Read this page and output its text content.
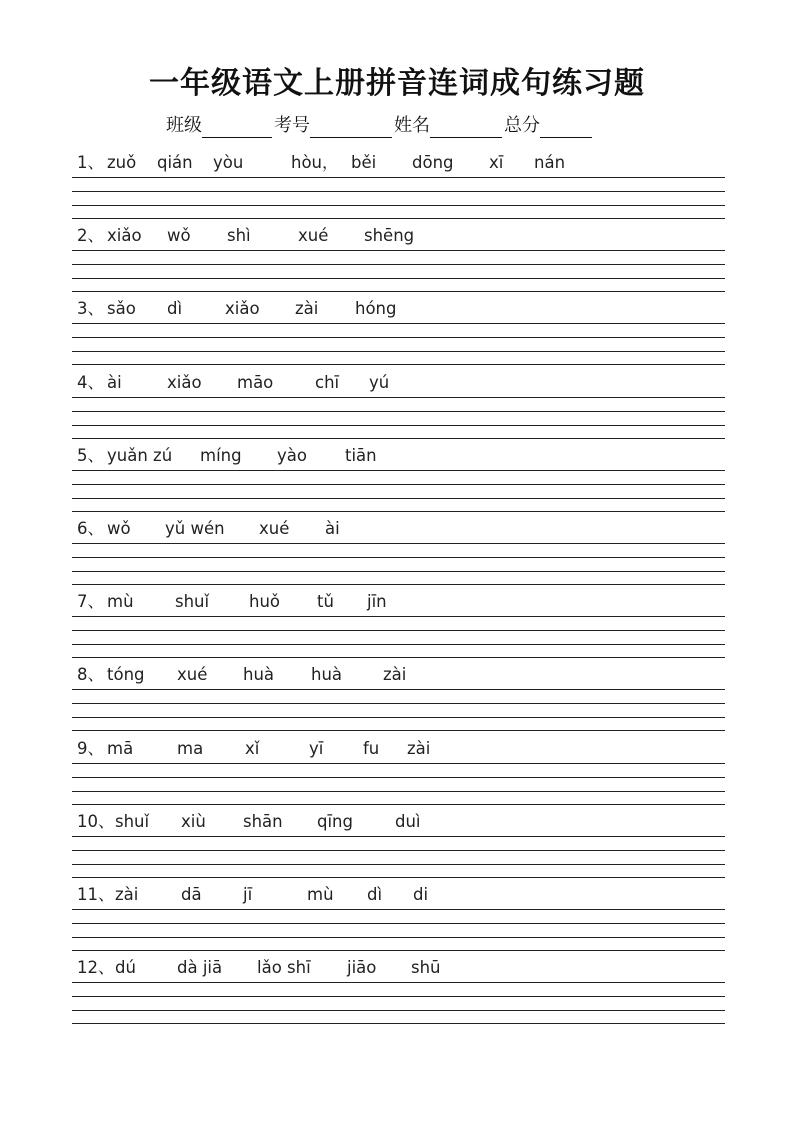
一年级语文上册拼音连词成句练习题
班级	考号	姓名	总分
1、 zuǒ qián yòu	hòu， běi dōng xī nán
2、 xiǎo wǒ shì	xué shēng
3、 sǎo dì	xiǎo zài hóng
4、 ài	xiǎo māo	chī yú
5、 yuǎn zú míng yào tiān
6、 wǒ yǔ wén xué ài
7、 mù	shuǐ huǒ tǔ jīn
8、 tóng xué huà huà zài
9、 mā	ma	xǐ	yī fu zài
10、 shuǐ xiù shān qīng	duì
11、 zài	dā	jī	mù dì di
12、 dú dà jiā lǎo shī jiāo shū
